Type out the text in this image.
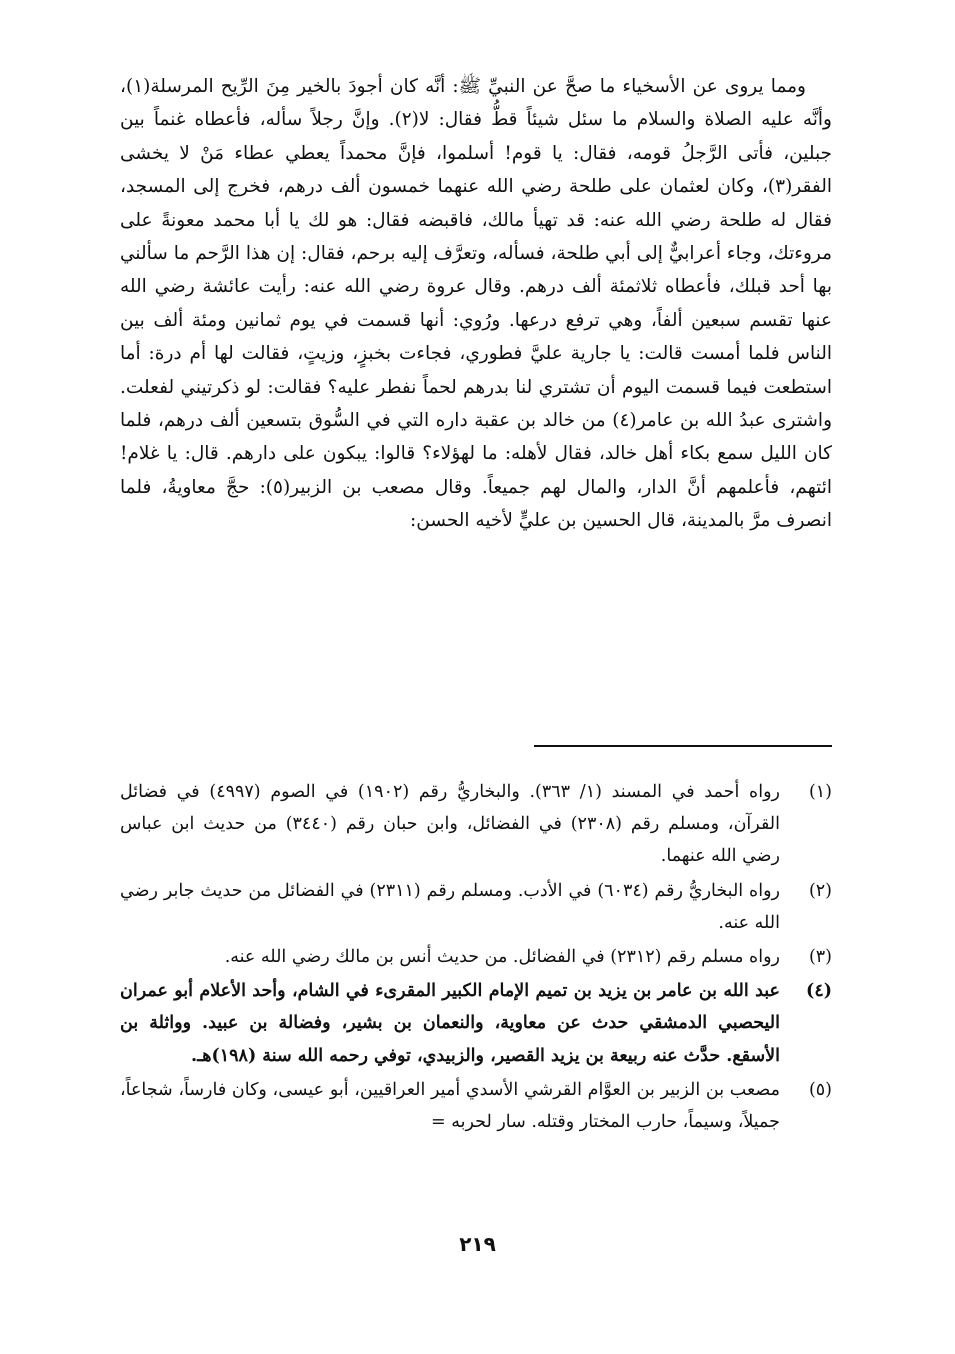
ومما يروى عن الأسخياء ما صحَّ عن النبيِّ ﷺ: أنَّه كان أجودَ بالخير مِنَ الرِّيح المرسلة(١)، وأنَّه عليه الصلاة والسلام ما سئل شيئاً قطُّ فقال: لا(٢). وإنَّ رجلاً سأله، فأعطاه غنماً بين جبلين، فأتى الرَّجلُ قومه، فقال: يا قوم! أسلموا، فإنَّ محمداً يعطي عطاء مَنْ لا يخشى الفقر(٣)، وكان لعثمان على طلحة رضي الله عنهما خمسون ألف درهم، فخرج إلى المسجد، فقال له طلحة رضي الله عنه: قد تهيأ مالك، فاقبضه فقال: هو لك يا أبا محمد معونةً على مروءتك، وجاء أعرابيٌّ إلى أبي طلحة، فسأله، وتعرَّف إليه برحم، فقال: إن هذا الرَّحم ما سألني بها أحد قبلك، فأعطاه ثلاثمئة ألف درهم. وقال عروة رضي الله عنه: رأيت عائشة رضي الله عنها تقسم سبعين ألفاً، وهي ترفع درعها. ورُوي: أنها قسمت في يوم ثمانين ومئة ألف بين الناس فلما أمست قالت: يا جارية عليَّ فطوري، فجاءت بخبزٍ، وزيتٍ، فقالت لها أم درة: أما استطعت فيما قسمت اليوم أن تشتري لنا بدرهم لحماً نفطر عليه؟ فقالت: لو ذكرتيني لفعلت. واشترى عبدُ الله بن عامر(٤) من خالد بن عقبة داره التي في السُّوق بتسعين ألف درهم، فلما كان الليل سمع بكاء أهل خالد، فقال لأهله: ما لهؤلاء؟ قالوا: يبكون على دارهم. قال: يا غلام! ائتهم، فأعلمهم أنَّ الدار، والمال لهم جميعاً. وقال مصعب بن الزبير(٥): حجَّ معاويةُ، فلما انصرف مرَّ بالمدينة، قال الحسين بن عليٍّ لأخيه الحسن:

(١)
رواه أحمد في المسند (١/ ٣٦٣). والبخاريُّ رقم (١٩٠٢) في الصوم (٤٩٩٧) في فضائل القرآن، ومسلم رقم (٢٣٠٨) في الفضائل، وابن حبان رقم (٣٤٤٠) من حديث ابن عباس رضي الله عنهما.
(٢)
رواه البخاريُّ رقم (٦٠٣٤) في الأدب. ومسلم رقم (٢٣١١) في الفضائل من حديث جابر رضي الله عنه.
(٣)
رواه مسلم رقم (٢٣١٢) في الفضائل. من حديث أنس بن مالك رضي الله عنه.
(٤)
عبد الله بن عامر بن يزيد بن تميم الإمام الكبير المقرىء في الشام، وأحد الأعلام أبو عمران اليحصبي الدمشقي حدث عن معاوية، والنعمان بن بشير، وفضالة بن عبيد. وواثلة بن الأسقع. حدَّث عنه ربيعة بن يزيد القصير، والزبيدي، توفي رحمه الله سنة (١٩٨)هـ.
(٥)
مصعب بن الزبير بن العوَّام القرشي الأسدي أمير العراقيين، أبو عيسى، وكان فارساً، شجاعاً، جميلاً، وسيماً، حارب المختار وقتله. سار لحربه =
٢١٩
